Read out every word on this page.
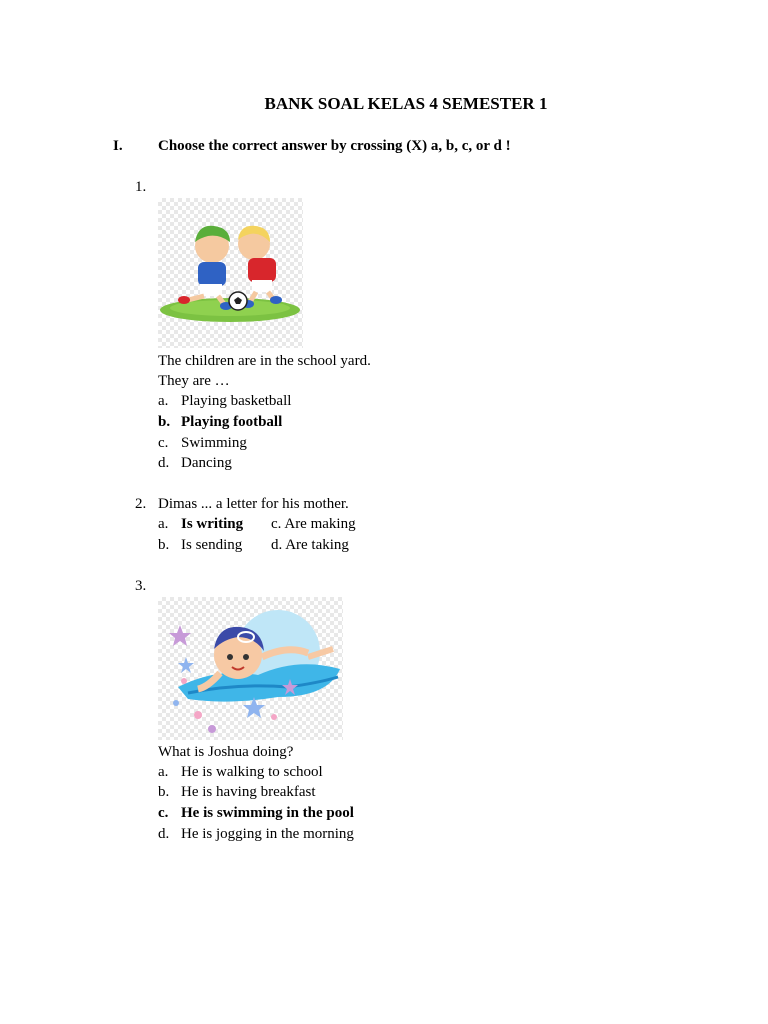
BANK SOAL KELAS 4 SEMESTER 1
I. Choose the correct answer by crossing (X) a, b, c, or d !
1.
The children are in the school yard.
They are …
a. Playing basketball
b. Playing football
c. Swimming
d. Dancing
2. Dimas ... a letter for his mother.
a. Is writing c. Are making
b. Is sending d. Are taking
3.
What is Joshua doing?
a. He is walking to school
b. He is having breakfast
c. He is swimming in the pool
d. He is jogging in the morning
